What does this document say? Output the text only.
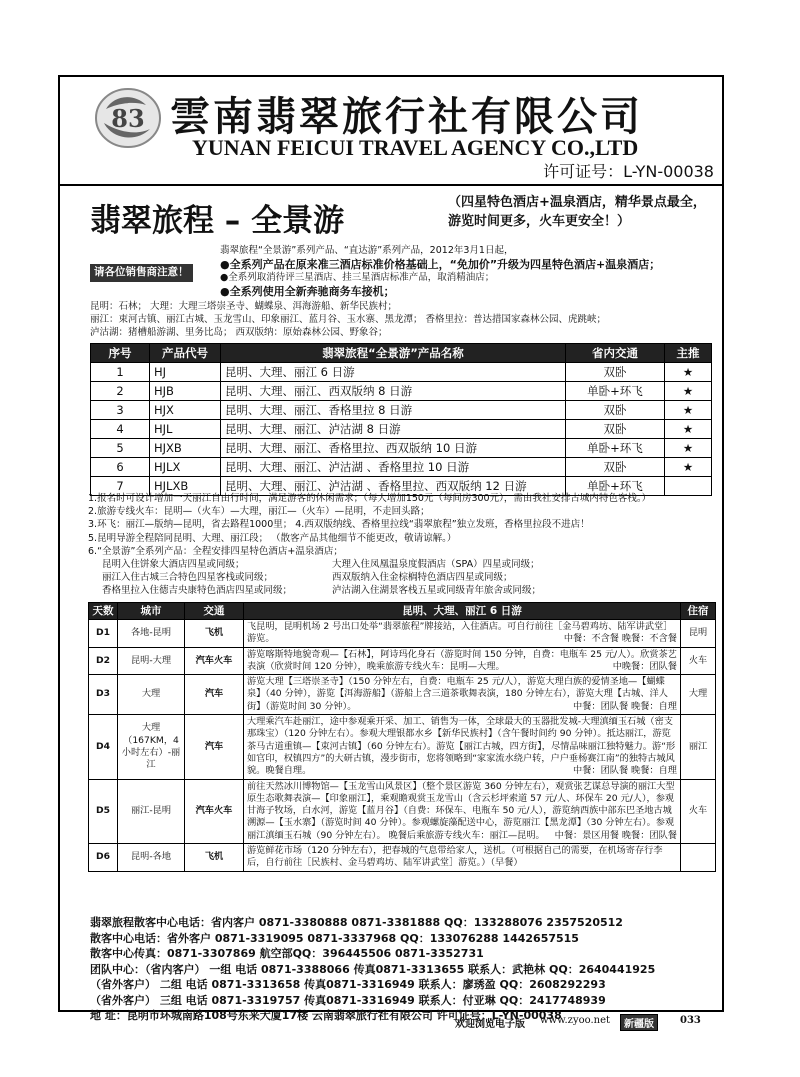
83 雲南翡翠旅行社有限公司
YUNAN FEICUI TRAVEL AGENCY CO.,LTD
许可证号：L-YN-00038
翡翠旅程 – 全景游
（四星特色酒店+温泉酒店，精华景点最全，游览时间更多，火车更安全！）
请各位销售商注意！
翡翠旅程“全景游”系列产品、“直达游”系列产品，2012年3月1日起，
●全系列产品在原来准三酒店标准价格基础上，“免加价”升级为四星特色酒店+温泉酒店；
●全系列取消待评三星酒店、挂三星酒店标准产品，取消精油店；
●全系列使用全新奔驰商务车接机；
昆明：石林； 大理：大理三塔崇圣寺、蝴蝶泉、洱海游船、新华民族村；
丽江：束河古镇、丽江古城、玉龙雪山、印象丽江、蓝月谷、玉水寨、黑龙潭； 香格里拉：普达措国家森林公园、虎跳峡；
泸沽湖：猪槽船游湖、里务比岛； 西双版纳：原始森林公园、野象谷；
序号	产品代号	翡翠旅程“全景游”产品名称	省内交通	主推
1	HJ	昆明、大理、丽江 6 日游	双卧	★
2	HJB	昆明、大理、丽江、西双版纳 8 日游	单卧+环飞	★
3	HJX	昆明、大理、丽江、香格里拉 8 日游	双卧	★
4	HJL	昆明、大理、丽江、泸沽湖 8 日游	双卧	★
5	HJXB	昆明、大理、丽江、香格里拉、西双版纳 10 日游	单卧+环飞	★
6	HJLX	昆明、大理、丽江、泸沽湖 、香格里拉 10 日游	双卧	★
7	HJLXB	昆明、大理、丽江、泸沽湖 、香格里拉、西双版纳 12 日游	单卧+环飞	
1.报名时可设计增加一天丽江自由行时间，满足游客的休闲需求；（每人增加150元（每间房300元），需由我社安排古城内特色客栈。）
2.旅游专线火车：昆明—（火车）—大理，丽江—（火车）—昆明，不走回头路；
3.环飞：丽江—版纳—昆明，省去路程1000里； 4.西双版纳线、香格里拉线“翡翠旅程”独立发班，香格里拉段不进店！
5.昆明导游全程陪同昆明、大理、丽江段； （散客产品其他细节不能更改，敬请谅解。）
6.“全景游”全系列产品：全程安排四星特色酒店+温泉酒店；
昆明入住饼象大酒店四星或同级；	大理入住凤凰温泉度假酒店（SPA）四星或同级；
丽江入住古城三合特色四星客栈或同级；	西双版纳入住金棕榈特色酒店四星或同级；
香格里拉入住德吉央康特色酒店四星或同级；	泸沽湖入住湖景客栈五星或同级青年旅舍或同级；
天数	城市	交通	昆明、大理、丽江 6 日游	住宿
D1	各地-昆明	飞机	飞昆明，昆明机场 2 号出口处举“翡翠旅程”牌接站，入住酒店。可自行前往［金马碧鸡坊、陆军讲武堂］游览。 中餐：不含餐 晚餐：不含餐	昆明
D2	昆明-大理	汽车火车	游览喀斯特地貌奇观—【石林】，阿诗玛化身石（游览时间 150 分钟，自费：电瓶车 25 元/人）。欣赏茶艺表演（欣赏时间 120 分钟），晚乘旅游专线火车：昆明—大理。 中晚餐：团队餐	火车
D3	大理	汽车	游览大理【三塔崇圣寺】（150 分钟左右，自费：电瓶车 25 元/人），游览大理白族的爱情圣地—【蝴蝶泉】（40 分钟），游览【洱海游船】（游船上含三道茶歌舞表演，180 分钟左右），游览大理【古城、洋人街】（游览时间 30 分钟）。 中餐：团队餐 晚餐：自理	大理
D4	大理（167KM，4 小时左右）-丽江	汽车	大理乘汽车赴丽江，途中参观乘开采、加工、销售为一体，全球最大的玉器批发城-大理滇缅玉石城（密支那珠宝）（120 分钟左右）。参观大理银都水乡【新华民族村】（含午餐时间约 90 分钟）。抵达丽江，游览茶马古道重镇—【束河古镇】（60 分钟左右）。游览【丽江古城，四方街】，尽情品味丽江独特魅力。游“形如官印，权镇四方”的大研古镇，漫步街市，您将领略到“家家流水绕户转，户户垂杨赛江南”的独特古城风貌。晚餐自理。 中餐：团队餐 晚餐：自理	丽江
D5	丽江-昆明	汽车火车	前往天然冰川博物馆—【玉龙雪山风景区】（整个景区游览 360 分钟左右），观赏张艺谋总导演的丽江大型原生态歌舞表演—【印象丽江】，乘观瞻观赏玉龙雪山（含云杉坪索道 57 元/人、环保车 20 元/人），参观甘海子牧场，白水河，游览【蓝月谷】（自费：环保车、电瓶车 50 元/人），游览纳西族中部东巴圣地古城溯源—【玉水寨】（游览时间 40 分钟）。参观螺旋藻配送中心，游览丽江【黑龙潭】（30 分钟左右）。参观丽江滇缅玉石城（90 分钟左右）。 晚餐后乘旅游专线火车：丽江—昆明。 中餐：景区用餐 晚餐：团队餐	火车
D6	昆明-各地	飞机	游览鲜花市场（120 分钟左右），把春城的气息带给家人，送机。（可根据自己的需要，在机场寄存行李后，自行前往［民族村、金马碧鸡坊、陆军讲武堂］游览。）（早餐）

翡翠旅程散客中心电话：省内客户 0871-3380888 0871-3381888 QQ：133288076 2357520512
散客中心电话：省外客户 0871-3319095 0871-3337968 QQ：133076288 1442657515
散客中心传真：0871-3307869 航空部QQ：396445506 0871-3352731
团队中心：（省内客户） 一组 电话 0871-3388066 传真0871-3313655 联系人：武艳林 QQ：2640441925
（省外客户） 二组 电话 0871-3313658 传真0871-3316949 联系人：廖琇盈 QQ：2608292293
（省外客户） 三组 电话 0871-3319757 传真0871-3316949 联系人：付亚琳 QQ：2417748939
地 址：昆明市环城南路108号东来大厦17楼 云南翡翠旅行社有限公司 许可证号：L-YN-00038
欢迎浏览电子版 www.zyoo.net	新疆版	033
